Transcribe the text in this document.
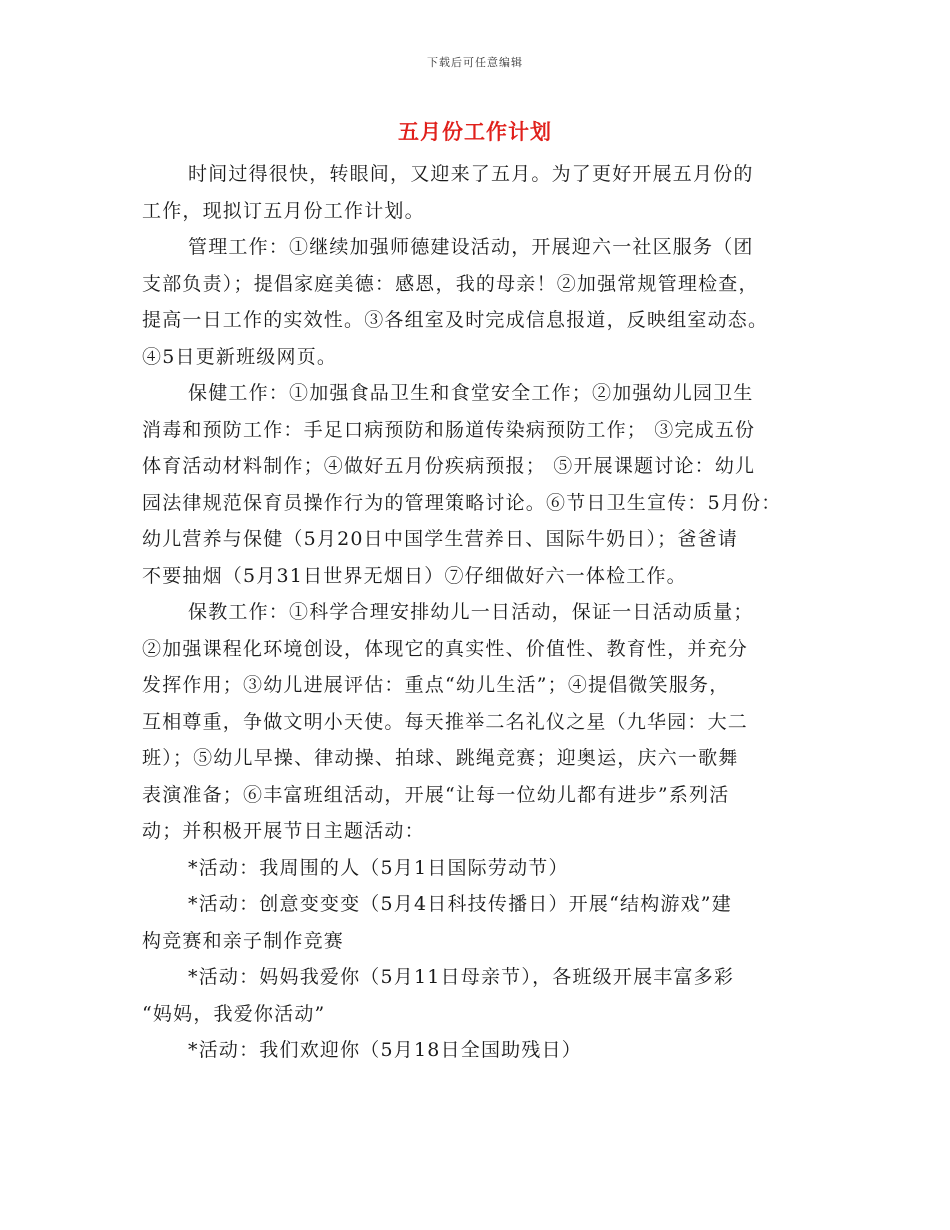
下载后可任意编辑
五月份工作计划
时间过得很快，转眼间，又迎来了五月。为了更好开展五月份的
工作，现拟订五月份工作计划。
管理工作：①继续加强师德建设活动，开展迎六一社区服务（团
支部负责）；提倡家庭美德：感恩，我的母亲！②加强常规管理检查，
提高一日工作的实效性。③各组室及时完成信息报道，反映组室动态。
④5日更新班级网页。
保健工作：①加强食品卫生和食堂安全工作；②加强幼儿园卫生
消毒和预防工作：手足口病预防和肠道传染病预防工作； ③完成五份
体育活动材料制作；④做好五月份疾病预报； ⑤开展课题讨论：幼儿
园法律规范保育员操作行为的管理策略讨论。⑥节日卫生宣传：5月份：
幼儿营养与保健（5月20日中国学生营养日、国际牛奶日）；爸爸请
不要抽烟（5月31日世界无烟日）⑦仔细做好六一体检工作。
保教工作：①科学合理安排幼儿一日活动，保证一日活动质量；
②加强课程化环境创设，体现它的真实性、价值性、教育性，并充分
发挥作用；③幼儿进展评估：重点“幼儿生活”；④提倡微笑服务，
互相尊重，争做文明小天使。每天推举二名礼仪之星（九华园：大二
班）；⑤幼儿早操、律动操、拍球、跳绳竞赛；迎奥运，庆六一歌舞
表演准备；⑥丰富班组活动，开展“让每一位幼儿都有进步”系列活
动；并积极开展节日主题活动：
*活动：我周围的人（5月1日国际劳动节）
*活动：创意变变变（5月4日科技传播日）开展“结构游戏”建
构竞赛和亲子制作竞赛
*活动：妈妈我爱你（5月11日母亲节），各班级开展丰富多彩
“妈妈，我爱你活动”
*活动：我们欢迎你（5月18日全国助残日）
